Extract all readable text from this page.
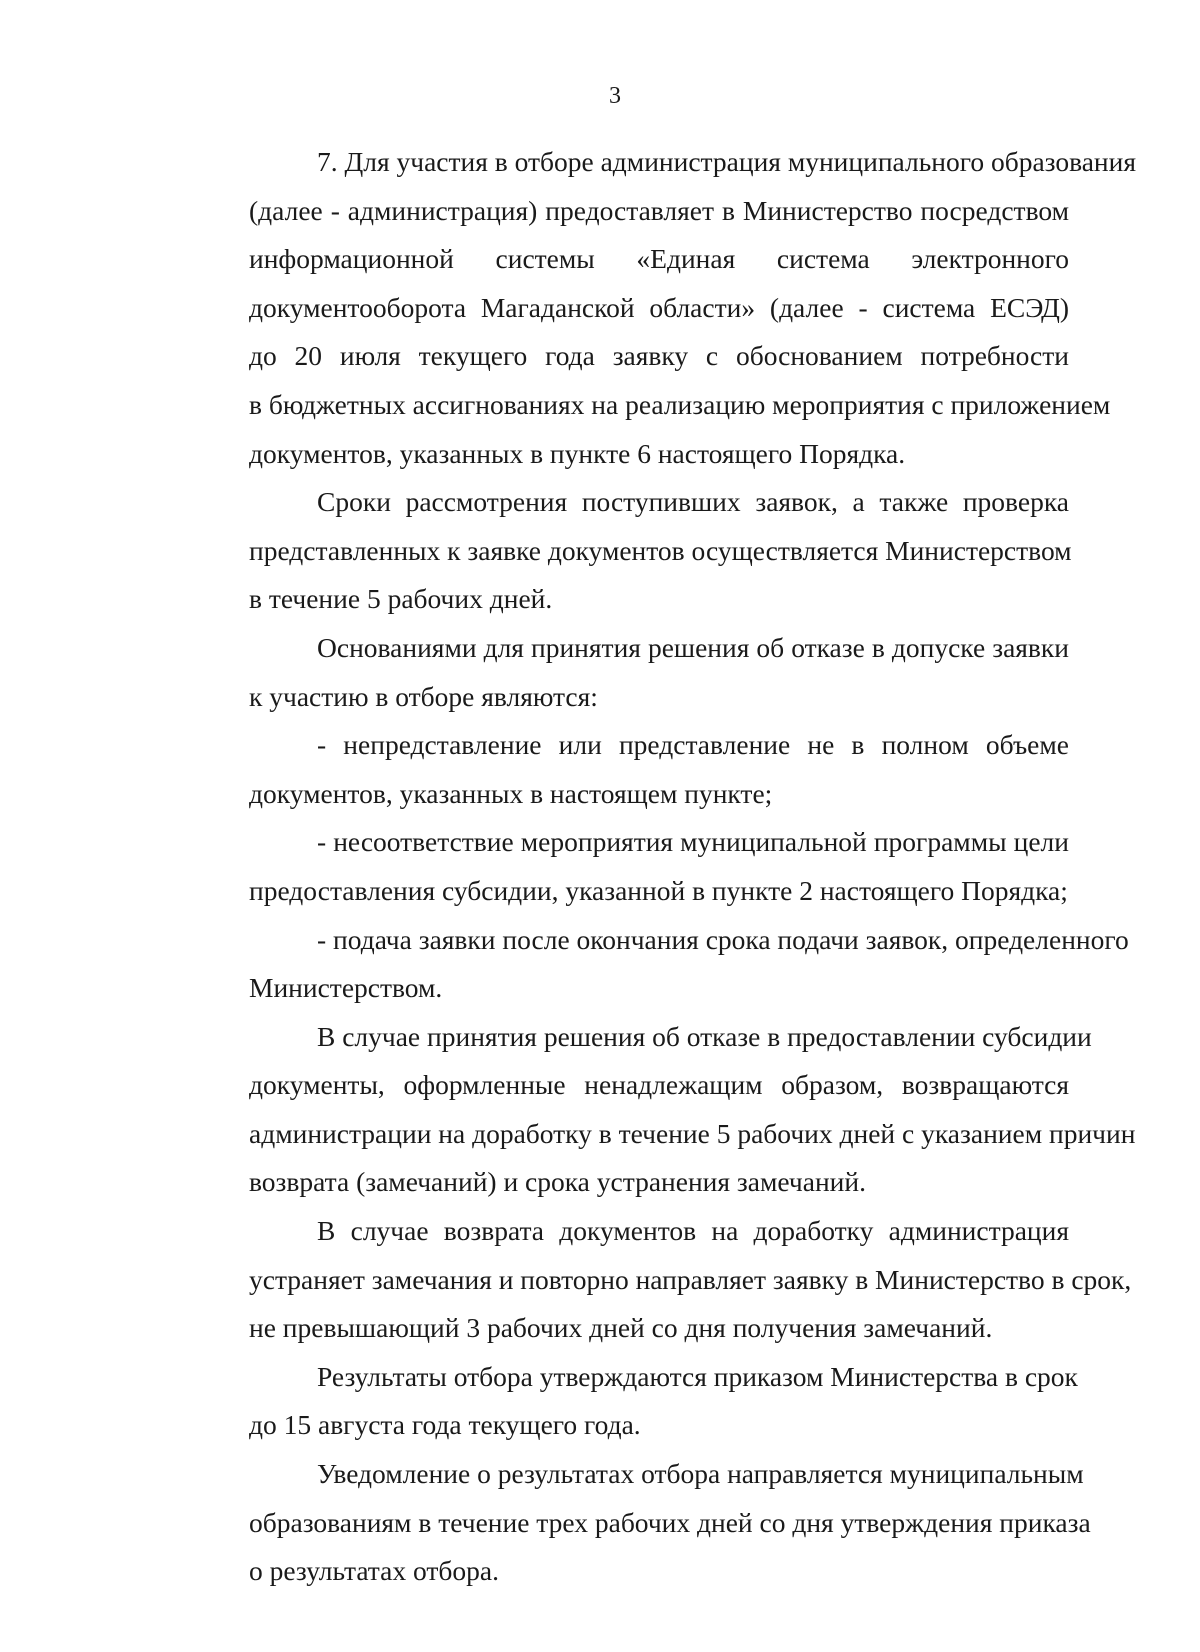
3
7. Для участия в отборе администрация муниципального образования
(далее - администрация) предоставляет в Министерство посредством
информационной системы «Единая система электронного
документооборота Магаданской области» (далее - система ЕСЭД)
до 20 июля текущего года заявку с обоснованием потребности
в бюджетных ассигнованиях на реализацию мероприятия с приложением
документов, указанных в пункте 6 настоящего Порядка.
Сроки рассмотрения поступивших заявок, а также проверка
представленных к заявке документов осуществляется Министерством
в течение 5 рабочих дней.
Основаниями для принятия решения об отказе в допуске заявки
к участию в отборе являются:
- непредставление или представление не в полном объеме
документов, указанных в настоящем пункте;
- несоответствие мероприятия муниципальной программы цели
предоставления субсидии, указанной в пункте 2 настоящего Порядка;
- подача заявки после окончания срока подачи заявок, определенного
Министерством.
В случае принятия решения об отказе в предоставлении субсидии
документы, оформленные ненадлежащим образом, возвращаются
администрации на доработку в течение 5 рабочих дней с указанием причин
возврата (замечаний) и срока устранения замечаний.
В случае возврата документов на доработку администрация
устраняет замечания и повторно направляет заявку в Министерство в срок,
не превышающий 3 рабочих дней со дня получения замечаний.
Результаты отбора утверждаются приказом Министерства в срок
до 15 августа года текущего года.
Уведомление о результатах отбора направляется муниципальным
образованиям в течение трех рабочих дней со дня утверждения приказа
о результатах отбора.
